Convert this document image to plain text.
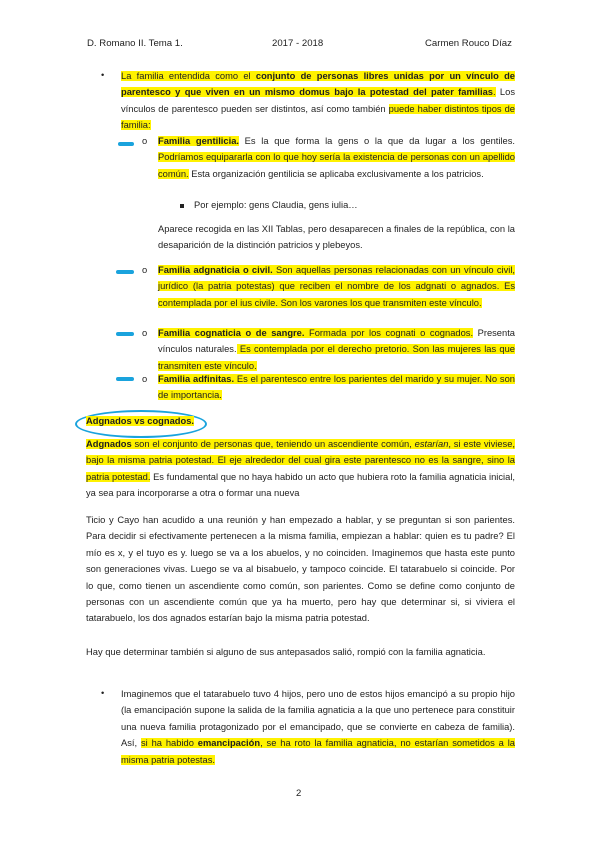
D. Romano II. Tema 1.	2017 - 2018	Carmen Rouco Díaz
• La familia entendida como el conjunto de personas libres unidas por un vínculo de parentesco y que viven en un mismo domus bajo la potestad del pater familias. Los vínculos de parentesco pueden ser distintos, así como también puede haber distintos tipos de familia:

o Familia gentilicia. Es la que forma la gens o la que da lugar a los gentiles. Podríamos equipararla con lo que hoy sería la existencia de personas con un apellido común. Esta organización gentilicia se aplicaba exclusivamente a los patricios.

Por ejemplo: gens Claudia, gens iulia…
Aparece recogida en las XII Tablas, pero desaparecen a finales de la república, con la desaparición de la distinción patricios y plebeyos.
o Familia adgnaticia o civil. Son aquellas personas relacionadas con un vínculo civil, jurídico (la patria potestas) que reciben el nombre de los adgnati o agnados. Es contemplada por el ius civile. Son los varones los que transmiten este vínculo.

o Familia cognaticia o de sangre. Formada por los cognati o cognados. Presenta vínculos naturales. Es contemplada por el derecho pretorio. Son las mujeres las que transmiten este vínculo.

o Familia adfinitas. Es el parentesco entre los parientes del marido y su mujer. No son de importancia.

Adgnados vs cognados.

Adgnados son el conjunto de personas que, teniendo un ascendiente común, estarían, si este viviese, bajo la misma patria potestad. El eje alrededor del cual gira este parentesco no es la sangre, sino la patria potestad. Es fundamental que no haya habido un acto que hubiera roto la familia agnaticia inicial, ya sea para incorporarse a otra o formar una nueva

Ticio y Cayo han acudido a una reunión y han empezado a hablar, y se preguntan si son parientes. Para decidir si efectivamente pertenecen a la misma familia, empiezan a hablar: quien es tu padre? El mío es x, y el tuyo es y. luego se va a los abuelos, y no coinciden. Imaginemos que hasta este punto son generaciones vivas. Luego se va al bisabuelo, y tampoco coincide. El tatarabuelo si coincide. Por lo que, como tienen un ascendiente como común, son parientes. Como se define como conjunto de personas con un ascendiente común que ya ha muerto, pero hay que determinar si, si viviera el tatarabuelo, los dos agnados estarían bajo la misma patria potestad.
Hay que determinar también si alguno de sus antepasados salió, rompió con la familia agnaticia.
• Imaginemos que el tatarabuelo tuvo 4 hijos, pero uno de estos hijos emancipó a su propio hijo (la emancipación supone la salida de la familia agnaticia a la que uno pertenece para constituir una nueva familia protagonizado por el emancipado, que se convierte en cabeza de familia). Así, si ha habido emancipación, se ha roto la familia agnaticia, no estarían sometidos a la misma patria potestas.

2
